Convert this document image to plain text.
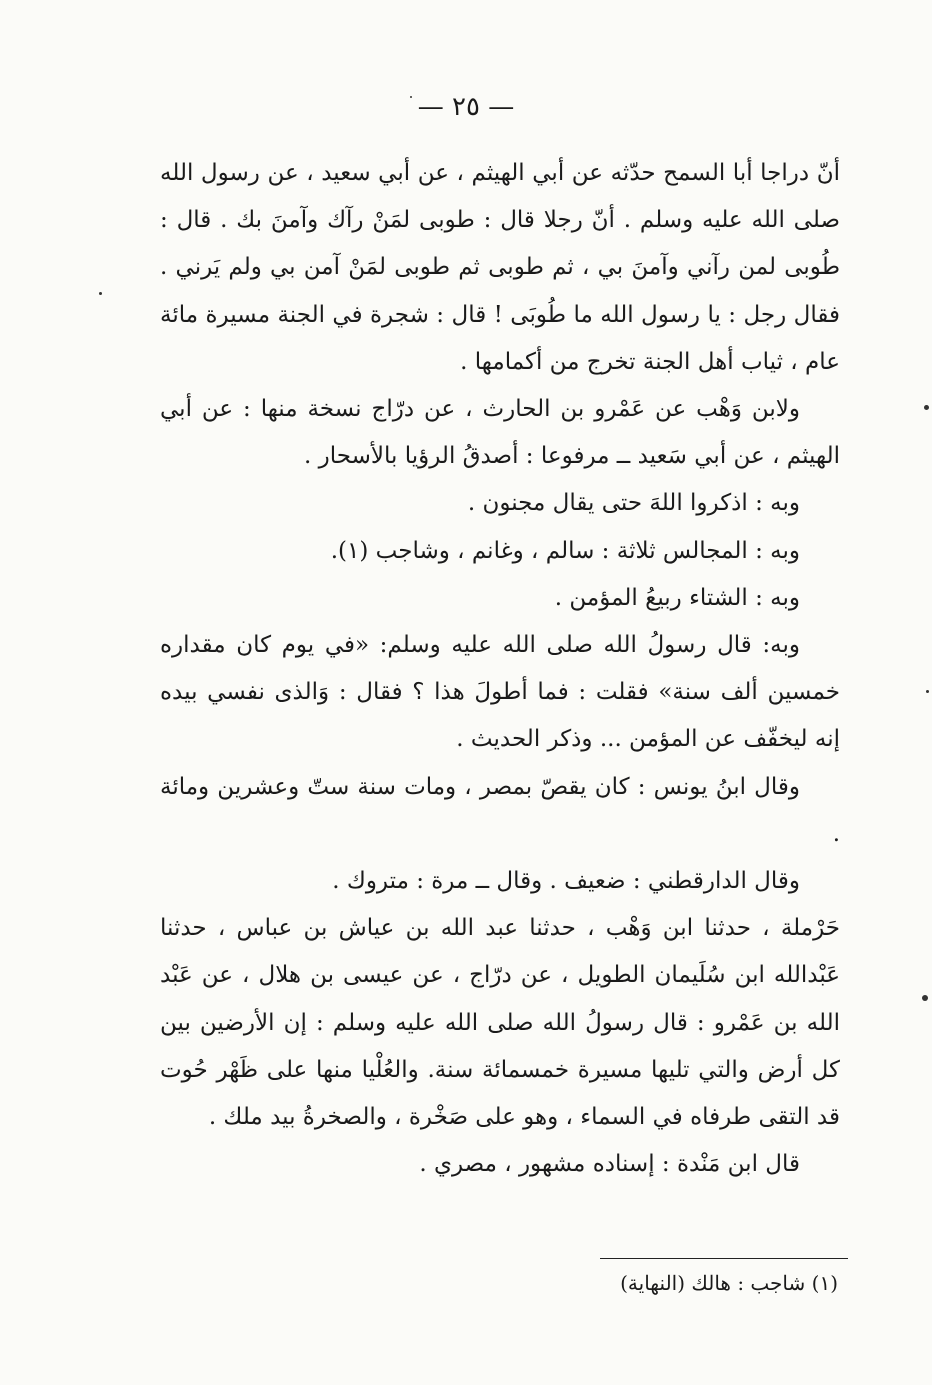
— ٢٥ —

أنّ دراجا أبا السمح حدّثه عن أبي الهيثم ، عن أبي سعيد ، عن رسول الله صلى الله عليه وسلم . أنّ رجلا قال : طوبى لمَنْ رآك وآمنَ بك . قال : طُوبى لمن رآني وآمنَ بي ، ثم طوبى ثم طوبى لمَنْ آمن بي ولم يَرني . فقال رجل : يا رسول الله ما طُوبَى ! قال : شجرة في الجنة مسيرة مائة عام ، ثياب أهل الجنة تخرج من أكمامها .

ولابن وَهْب عن عَمْرو بن الحارث ، عن درّاج نسخة منها : عن أبي الهيثم ، عن أبي سَعيد ــ مرفوعا : أصدقُ الرؤيا بالأسحار .

وبه : اذكروا اللهَ حتى يقال مجنون .

وبه : المجالس ثلاثة : سالم ، وغانم ، وشاجب (١).

وبه : الشتاء ربيعُ المؤمن .

وبه: قال رسولُ الله صلى الله عليه وسلم: «في يوم كان مقداره خمسين ألف سنة» فقلت : فما أطولَ هذا ؟ فقال : وَالذى نفسي بيده إنه ليخفّف عن المؤمن ... وذكر الحديث .

وقال ابنُ يونس : كان يقصّ بمصر ، ومات سنة ستّ وعشرين ومائة .

وقال الدارقطني : ضعيف . وقال ــ مرة : متروك .

حَرْملة ، حدثنا ابن وَهْب ، حدثنا عبد الله بن عياش بن عباس ، حدثنا عَبْدالله ابن سُلَيمان الطويل ، عن درّاج ، عن عيسى بن هلال ، عن عَبْد الله بن عَمْرو : قال رسولُ الله صلى الله عليه وسلم : إن الأرضين بين كل أرض والتي تليها مسيرة خمسمائة سنة. والعُلْيا منها على ظَهْر حُوت قد التقى طرفاه في السماء ، وهو على صَخْرة ، والصخرةُ بيد ملك .

قال ابن مَنْدة : إسناده مشهور ، مصري .

(١) شاجب : هالك (النهاية)
